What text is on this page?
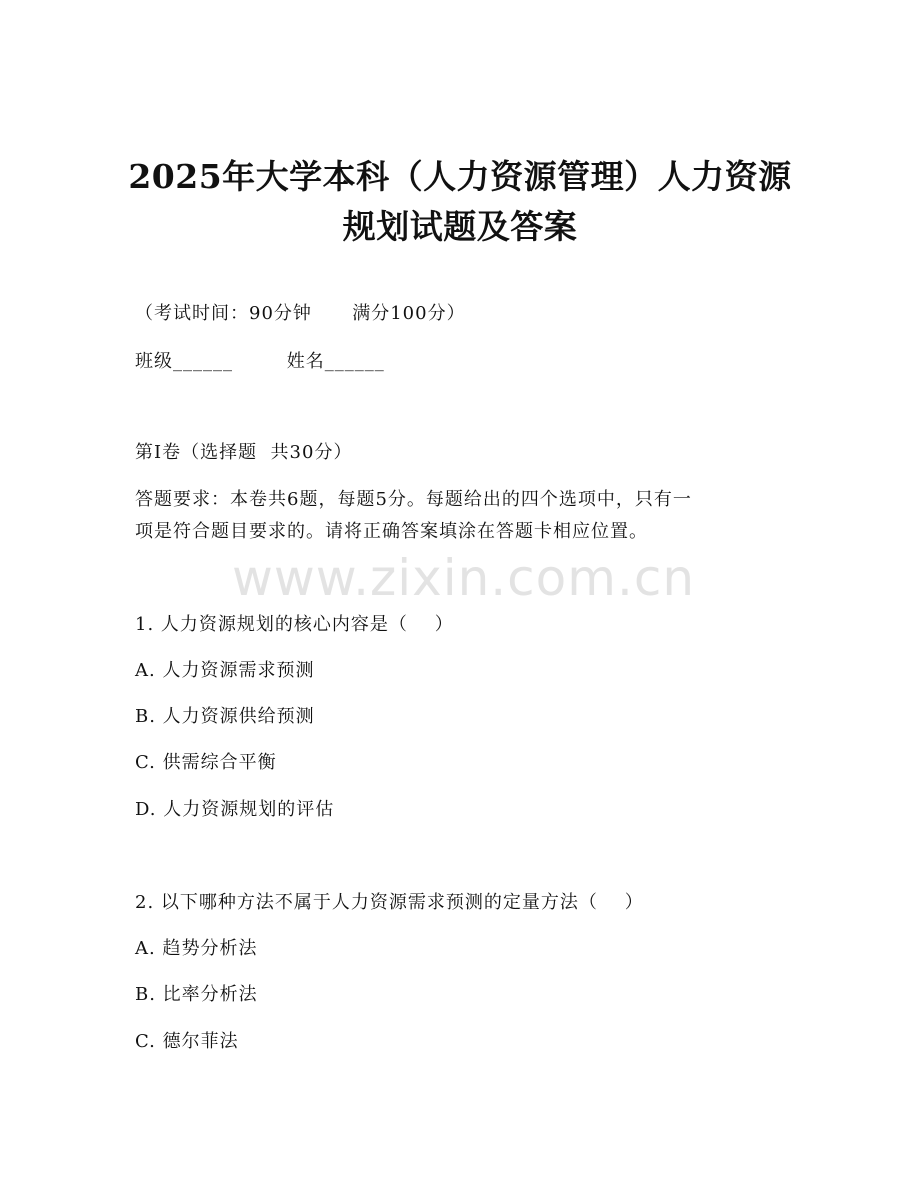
2025年大学本科（人力资源管理）人力资源
规划试题及答案
（考试时间：90分钟      满分100分）
班级______        姓名______
第I卷（选择题  共30分）
答题要求：本卷共6题，每题5分。每题给出的四个选项中，只有一
项是符合题目要求的。请将正确答案填涂在答题卡相应位置。
www.zixin.com.cn
1. 人力资源规划的核心内容是（    ）
A. 人力资源需求预测
B. 人力资源供给预测
C. 供需综合平衡
D. 人力资源规划的评估
2. 以下哪种方法不属于人力资源需求预测的定量方法（    ）
A. 趋势分析法
B. 比率分析法
C. 德尔菲法
